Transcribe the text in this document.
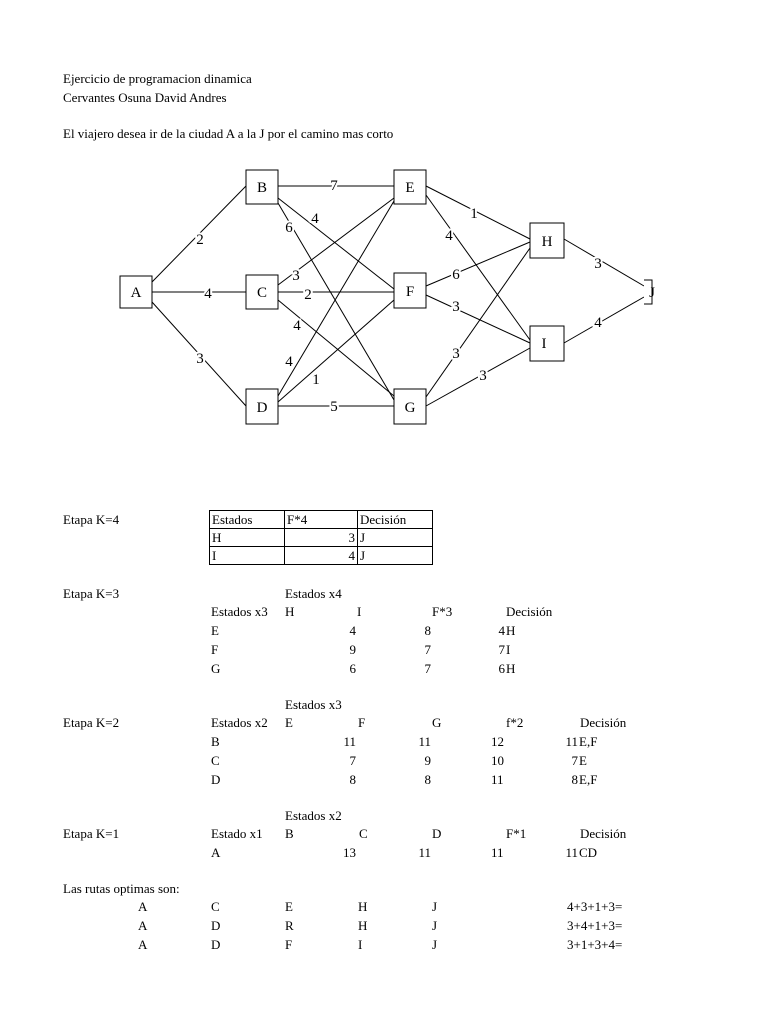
Ejercicio de programacion dinamica
Cervantes Osuna David Andres
El viajero desea ir de la ciudad A a la J por el camino mas corto
A
B
C
D
E
F
G
H
I
J
2
4
3
7
4
6
3
2
4
4
1
5
1
4
6
3
3
3
3
4
Etapa K=4	Estados	F*4	Decisión
H	3	J
I	4	J
Etapa K=3	Estados x4
Estados x3 H	I	F*3	Decisión
E	4	8	4 H
F	9	7	7 I
G	6	7	6 H
Estados x3
Etapa K=2	Estados x2 E	F	G	f*2	Decisión
B	11	11	12	11 E,F
C	7	9	10	7 E
D	8	8	11	8 E,F
Estados x2
Etapa K=1	Estado x1 B	C	D	F*1	Decisión
A	13	11	11	11 CD
Las rutas optimas son:
A	C	E	H	J	4+3+1+3=
A	D	R	H	J	3+4+1+3=
A	D	F	I	J	3+1+3+4=
